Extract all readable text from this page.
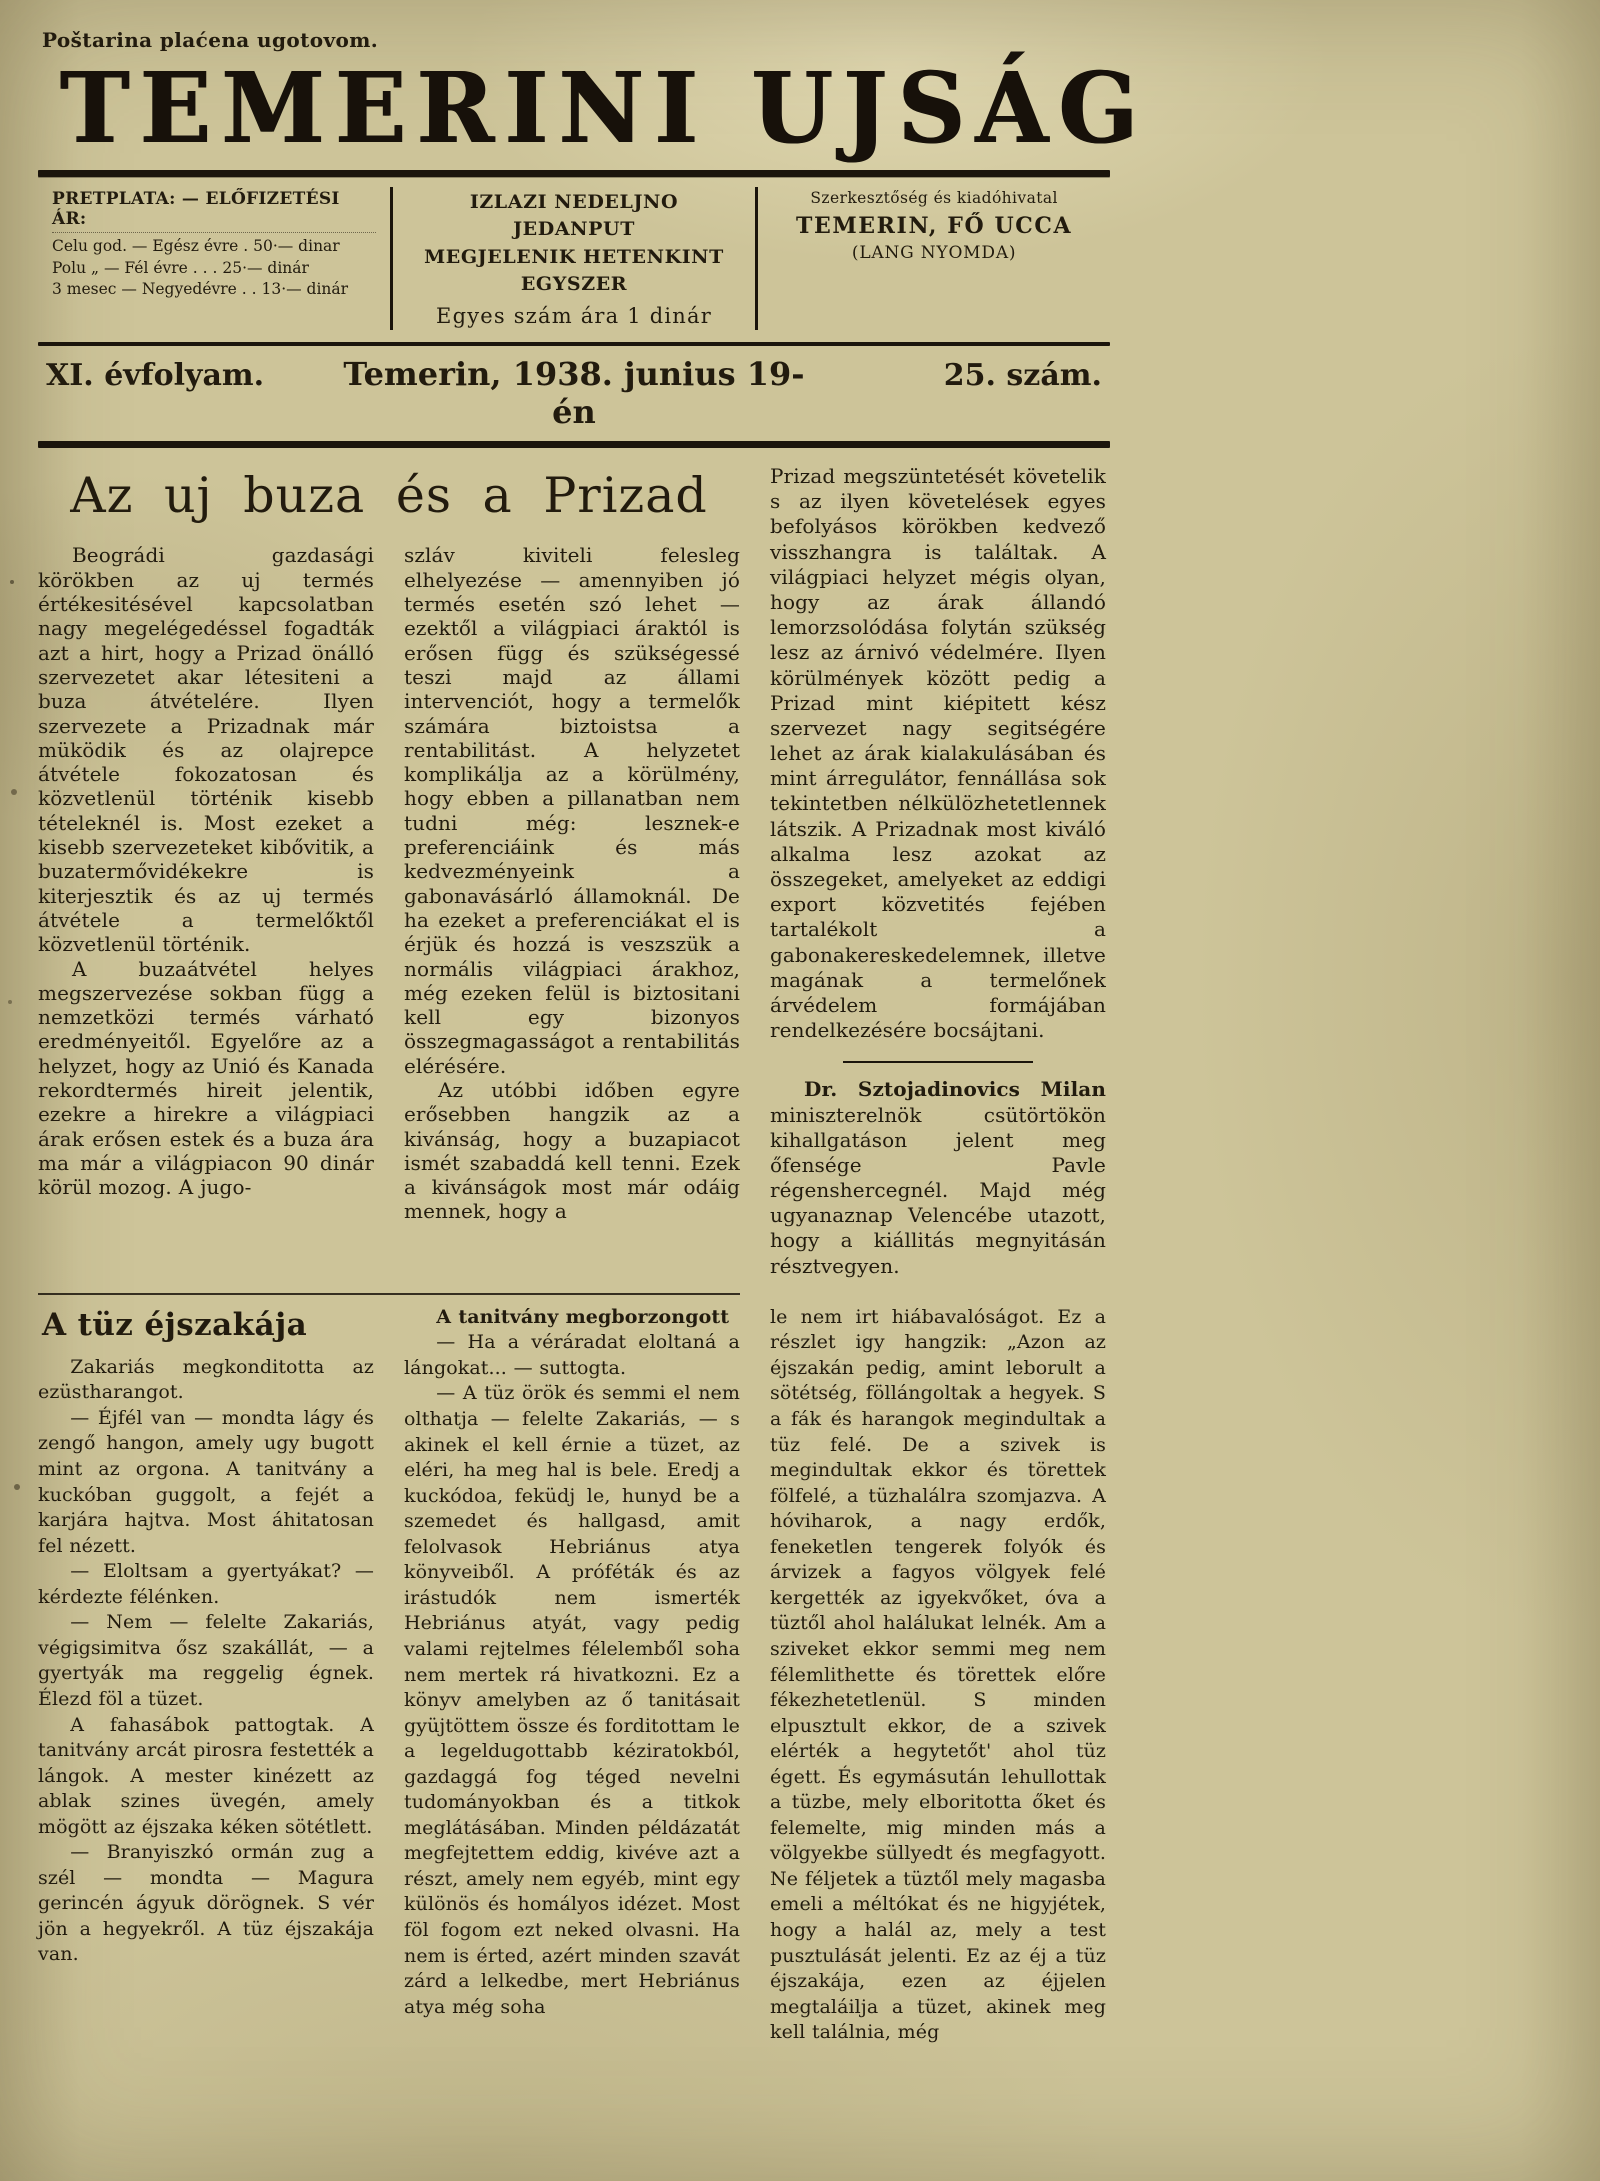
Poštarina plaćena ugotovom.
TEMERINI UJSÁG
PRETPLATA: — ELŐFIZETÉSI ÁR:
Celu god. — Egész évre . 50·— dinar
Polu „ — Fél évre . . . 25·— dinár
3 mesec — Negyedévre . . 13·— dinár
IZLAZI NEDELJNO JEDANPUT
MEGJELENIK HETENKINT EGYSZER
Egyes szám ára 1 dinár
Szerkesztőség és kiadóhivatal
TEMERIN, FŐ UCCA
(LANG NYOMDA)
XI. évfolyam.	Temerin, 1938. junius 19-én
25. szám.
Az uj buza és a Prizad

Beográdi gazdasági körökben az uj termés értékesitésével kapcsolatban nagy megelégedéssel fogadták azt a hirt, hogy a Prizad önálló szervezetet akar létesiteni a buza átvételére. Ilyen szervezete a Prizadnak már müködik és az olajrepce átvétele fokozatosan és közvetlenül történik kisebb tételeknél is. Most ezeket a kisebb szervezeteket kibővitik, a buzatermővidékekre is kiterjesztik és az uj termés átvétele a termelőktől közvetlenül történik.

A buzaátvétel helyes megszervezése sokban függ a nemzetközi termés várható eredményeitől. Egyelőre az a helyzet, hogy az Unió és Kanada rekordtermés hireit jelentik, ezekre a hirekre a világpiaci árak erősen estek és a buza ára ma már a világpiacon 90 dinár körül mozog. A jugo-

szláv kiviteli felesleg elhelyezése — amennyiben jó termés esetén szó lehet — ezektől a világpiaci áraktól is erősen függ és szükségessé teszi majd az állami intervenciót, hogy a termelők számára biztoistsa a rentabilitást. A helyzetet komplikálja az a körülmény, hogy ebben a pillanatban nem tudni még: lesznek-e preferenciáink és más kedvezményeink a gabonavásárló államoknál. De ha ezeket a preferenciákat el is érjük és hozzá is veszszük a normális világpiaci árakhoz, még ezeken felül is biztositani kell egy bizonyos összegmagasságot a rentabilitás elérésére.

Az utóbbi időben egyre erősebben hangzik az a kivánság, hogy a buzapiacot ismét szabaddá kell tenni. Ezek a kivánságok most már odáig mennek, hogy a

Prizad megszüntetését követelik s az ilyen követelések egyes befolyásos körökben kedvező visszhangra is találtak. A világpiaci helyzet mégis olyan, hogy az árak állandó lemorzsolódása folytán szükség lesz az árnivó védelmére. Ilyen körülmények között pedig a Prizad mint kiépitett kész szervezet nagy segitségére lehet az árak kialakulásában és mint árregulátor, fennállása sok tekintetben nélkülözhetetlennek látszik. A Prizadnak most kiváló alkalma lesz azokat az összegeket, amelyeket az eddigi export közvetités fejében tartalékolt a gabonakereskedelemnek, illetve magának a termelőnek árvédelem formájában rendelkezésére bocsájtani.

Dr. Sztojadinovics Milan miniszterelnök csütörtökön kihallgatáson jelent meg őfensége Pavle régenshercegnél. Majd még ugyanaznap Velencébe utazott, hogy a kiállitás megnyitásán résztvegyen.

A tüz éjszakája

Zakariás megkonditotta az ezüstharangot.

— Éjfél van — mondta lágy és zengő hangon, amely ugy bugott mint az orgona. A tanitvány a kuckóban guggolt, a fejét a karjára hajtva. Most áhitatosan fel nézett.

— Eloltsam a gyertyákat? — kérdezte félénken.

— Nem — felelte Zakariás, végigsimitva ősz szakállát, — a gyertyák ma reggelig égnek. Élezd föl a tüzet.

A fahasábok pattogtak. A tanitvány arcát pirosra festették a lángok. A mester kinézett az ablak szines üvegén, amely mögött az éjszaka kéken sötétlett.

— Branyiszkó ormán zug a szél — mondta — Magura gerincén ágyuk dörögnek. S vér jön a hegyekről. A tüz éjszakája van.

A tanitvány megborzongott

— Ha a véráradat eloltaná a lángokat... — suttogta.

— A tüz örök és semmi el nem olthatja — felelte Zakariás, — s akinek el kell érnie a tüzet, az eléri, ha meg hal is bele. Eredj a kuckódoa, feküdj le, hunyd be a szemedet és hallgasd, amit felolvasok Hebriánus atya könyveiből. A próféták és az irástudók nem ismerték Hebriánus atyát, vagy pedig valami rejtelmes félelemből soha nem mertek rá hivatkozni. Ez a könyv amelyben az ő tanitásait gyüjtöttem össze és forditottam le a legeldugottabb kéziratokból, gazdaggá fog téged nevelni tudományokban és a titkok meglátásában. Minden példázatát megfejtettem eddig, kivéve azt a részt, amely nem egyéb, mint egy különös és homályos idézet. Most föl fogom ezt neked olvasni. Ha nem is érted, azért minden szavát zárd a lelkedbe, mert Hebriánus atya még soha

le nem irt hiábavalóságot. Ez a részlet igy hangzik: „Azon az éjszakán pedig, amint leborult a sötétség, föllángoltak a hegyek. S a fák és harangok megindultak a tüz felé. De a szivek is megindultak ekkor és törettek fölfelé, a tüzhalálra szomjazva. A hóviharok, a nagy erdők, feneketlen tengerek folyók és árvizek a fagyos völgyek felé kergették az igyekvőket, óva a tüztől ahol halálukat lelnék. Am a sziveket ekkor semmi meg nem félemlithette és törettek előre fékezhetetlenül. S minden elpusztult ekkor, de a szivek elérték a hegytetőt' ahol tüz égett. És egymásután lehullottak a tüzbe, mely elboritotta őket és felemelte, mig minden más a völgyekbe süllyedt és megfagyott. Ne féljetek a tüztől mely magasba emeli a méltókat és ne higyjétek, hogy a halál az, mely a test pusztulását jelenti. Ez az éj a tüz éjszakája, ezen az éjjelen megtaláilja a tüzet, akinek meg kell találnia, még
